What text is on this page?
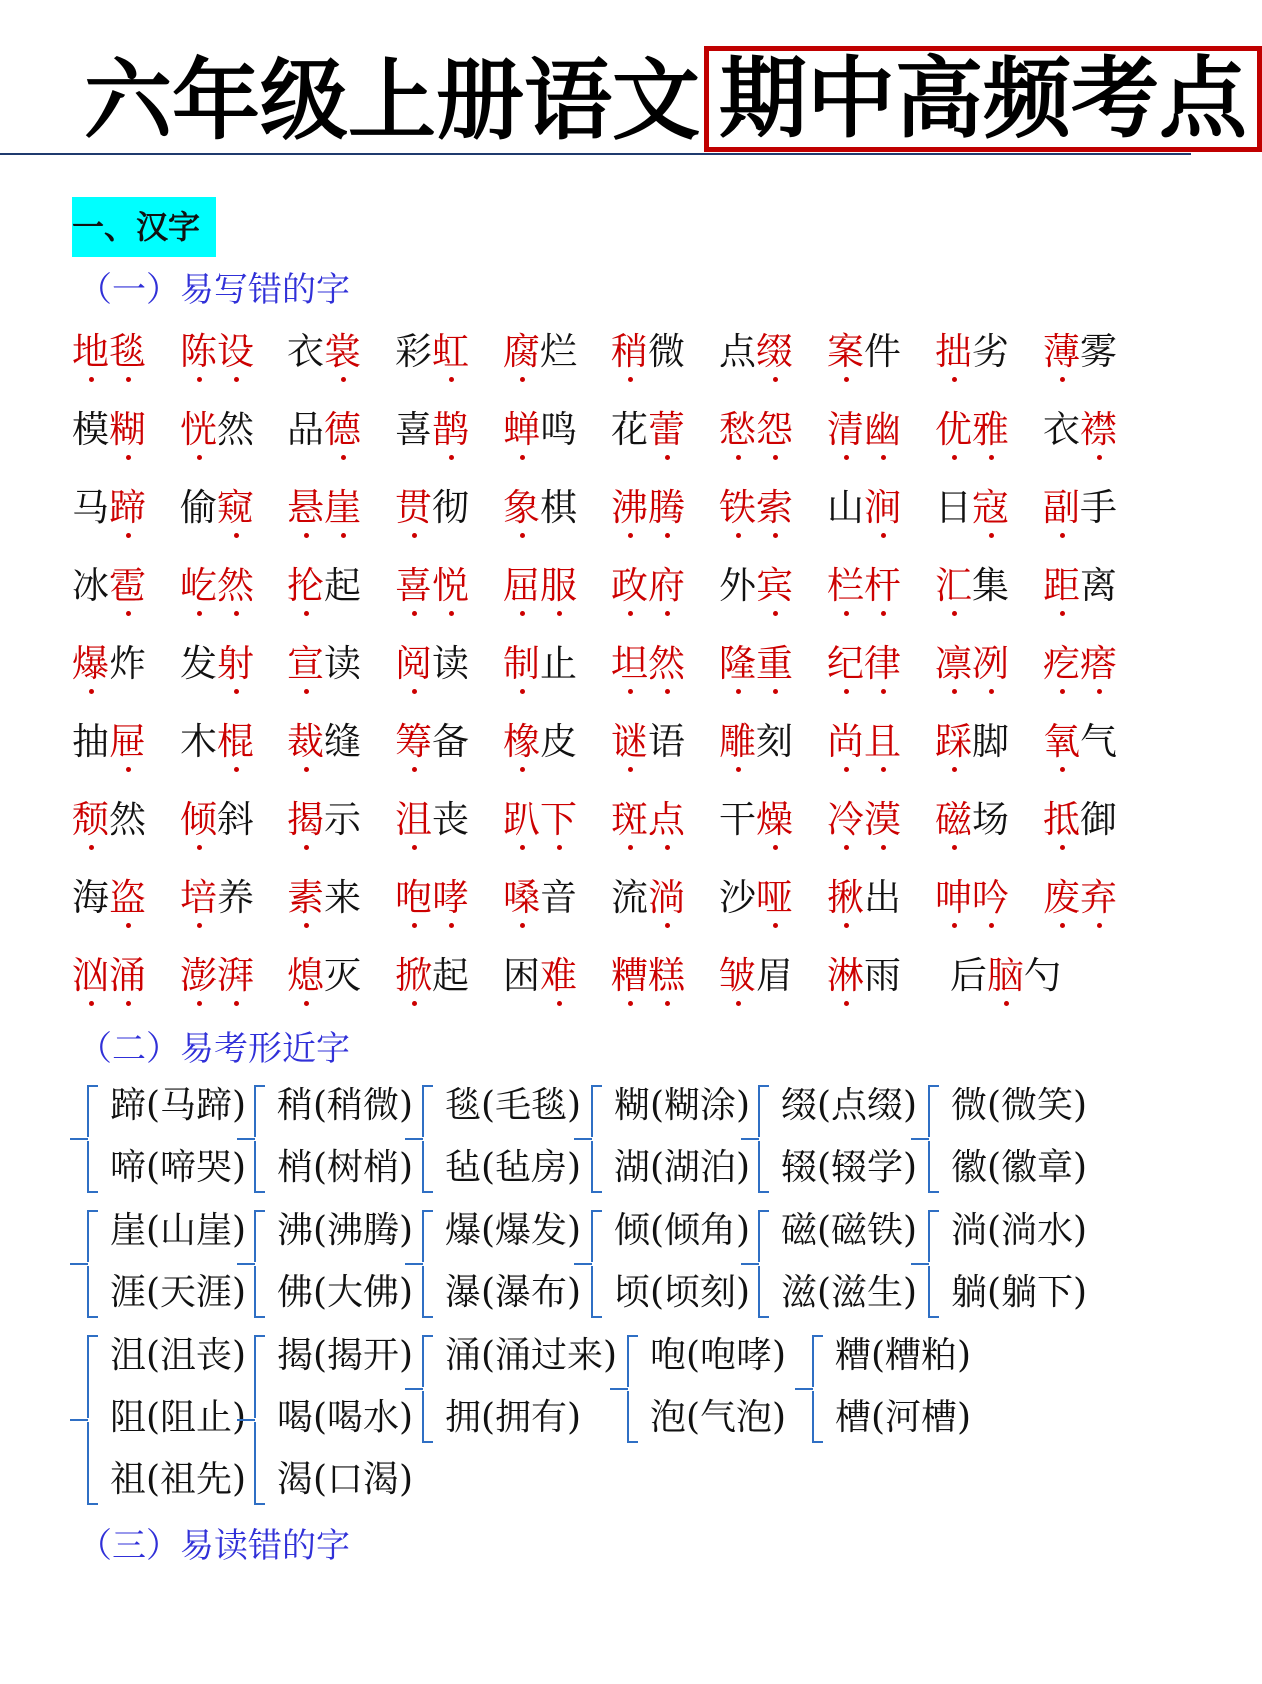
六年级上册语文 期中高频考点
一、汉字
（一）易写错的字
地毯 陈设 衣裳 彩虹 腐烂 稍微 点缀 案件 拙劣 薄雾
模糊 恍然 品德 喜鹊 蝉鸣 花蕾 愁怨 清幽 优雅 衣襟
马蹄 偷窥 悬崖 贯彻 象棋 沸腾 铁索 山涧 日寇 副手
冰雹 屹然 抡起 喜悦 屈服 政府 外宾 栏杆 汇集 距离
爆炸 发射 宣读 阅读 制止 坦然 隆重 纪律 凛冽 疙瘩
抽屉 木棍 裁缝 筹备 橡皮 谜语 雕刻 尚且 踩脚 氧气
颓然 倾斜 揭示 沮丧 趴下 斑点 干燥 冷漠 磁场 抵御
海盗 培养 素来 咆哮 嗓音 流淌 沙哑 揪出 呻吟 废弃
汹涌 澎湃 熄灭 掀起 困难 糟糕 皱眉 淋雨 后脑勺
（二）易考形近字
蹄(马蹄)
啼(啼哭)
稍(稍微)
梢(树梢)
毯(毛毯)
毡(毡房)
糊(糊涂)
湖(湖泊)
缀(点缀)
辍(辍学)
微(微笑)
徽(徽章)
崖(山崖)
涯(天涯)
沸(沸腾)
佛(大佛)
爆(爆发)
瀑(瀑布)
倾(倾角)
顷(顷刻)
磁(磁铁)
滋(滋生)
淌(淌水)
躺(躺下)
沮(沮丧)
阻(阻止)
祖(祖先)
揭(揭开)
喝(喝水)
渴(口渴)
涌(涌过来)
拥(拥有)
咆(咆哮)
泡(气泡)
糟(糟粕)
槽(河槽)
（三）易读错的字
